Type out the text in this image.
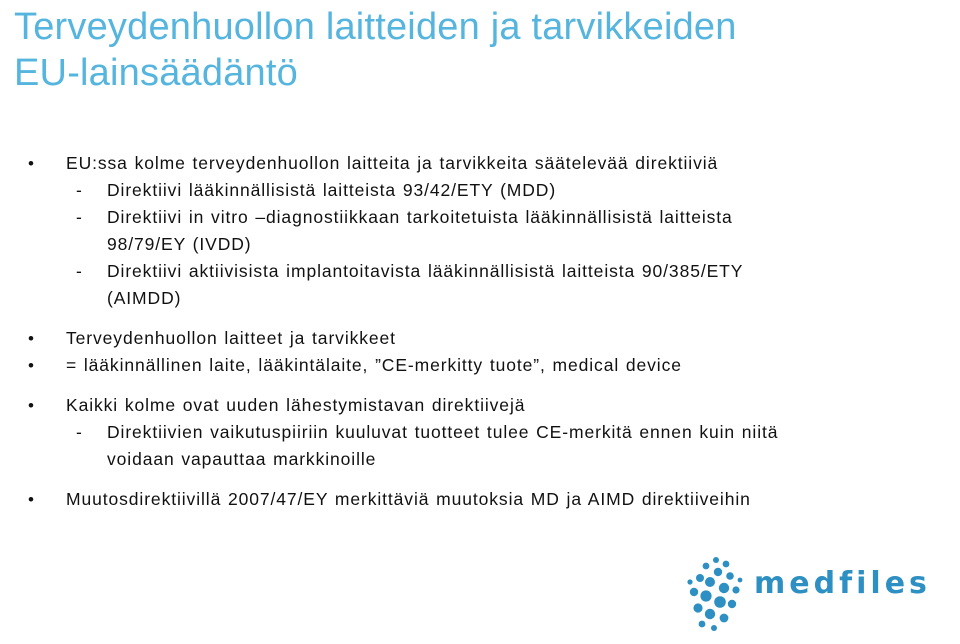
Terveydenhuollon laitteiden ja tarvikkeiden
EU-lainsäädäntö
• EU:ssa kolme terveydenhuollon laitteita ja tarvikkeita säätelevää direktiiviä
- Direktiivi lääkinnällisistä laitteista 93/42/ETY (MDD)
- Direktiivi in vitro –diagnostiikkaan tarkoitetuista lääkinnällisistä laitteista
98/79/EY (IVDD)
- Direktiivi aktiivisista implantoitavista lääkinnällisistä laitteista 90/385/ETY
(AIMDD)
• Terveydenhuollon laitteet ja tarvikkeet
• = lääkinnällinen laite, lääkintälaite, ”CE-merkitty tuote”, medical device
• Kaikki kolme ovat uuden lähestymistavan direktiivejä
- Direktiivien vaikutuspiiriin kuuluvat tuotteet tulee CE-merkitä ennen kuin niitä
voidaan vapauttaa markkinoille
• Muutosdirektiivillä 2007/47/EY merkittäviä muutoksia MD ja AIMD direktiiveihin
medfiles
